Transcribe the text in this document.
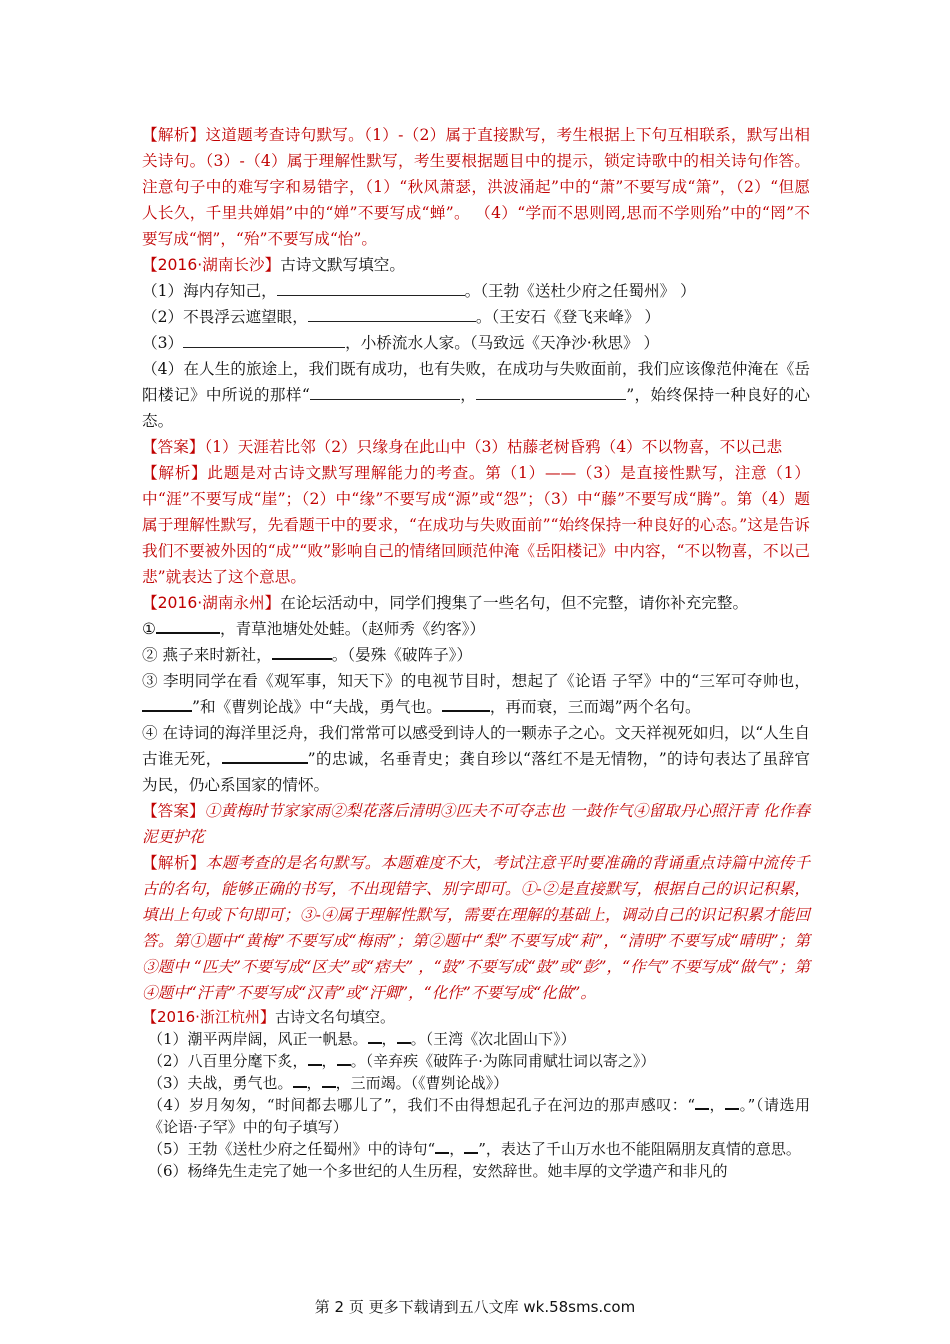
【解析】这道题考查诗句默写。（1）-（2）属于直接默写，考生根据上下句互相联系，默写出相关诗句。（3）-（4）属于理解性默写，考生要根据题目中的提示，锁定诗歌中的相关诗句作答。注意句子中的难写字和易错字，（1）“秋风萧瑟，洪波涌起”中的“萧”不要写成“箫”，（2）“但愿人长久，千里共婵娟”中的“婵”不要写成“蝉”。 （4）“学而不思则罔,思而不学则殆”中的“罔”不要写成“惘”，“殆”不要写成“怡”。

【2016·湖南长沙】古诗文默写填空。

（1）海内存知己，	。（王勃《送杜少府之任蜀州》 ）

（2）不畏浮云遮望眼，	。（王安石《登飞来峰》 ）

（3）	，小桥流水人家。（马致远《天净沙·秋思》 ）

（4）在人生的旅途上，我们既有成功，也有失败，在成功与失败面前，我们应该像范仲淹在《岳阳楼记》中所说的那样“	，	”，始终保持一种良好的心态。

【答案】（1）天涯若比邻（2）只缘身在此山中（3）枯藤老树昏鸦（4）不以物喜，不以己悲

【解析】此题是对古诗文默写理解能力的考查。第（1）——（3）是直接性默写，注意（1）中“涯”不要写成“崖”；（2）中“缘”不要写成“源”或“怨”；（3）中“藤”不要写成“腾”。第（4）题属于理解性默写，先看题干中的要求，“在成功与失败面前”“始终保持一种良好的心态。”这是告诉我们不要被外因的“成”“败”影响自己的情绪回顾范仲淹《岳阳楼记》中内容，“不以物喜，不以己悲”就表达了这个意思。

【2016·湖南永州】在论坛活动中，同学们搜集了一些名句，但不完整，请你补充完整。

①	，青草池塘处处蛙。（赵师秀《约客》）

② 燕子来时新社，	。（晏殊《破阵子》）

③ 李明同学在看《观军事，知天下》的电视节目时，想起了《论语 子罕》中的“三军可夺帅也，”和《曹刿论战》中“夫战，勇气也。	，再而衰，三而竭”两个名句。

④ 在诗词的海洋里泛舟，我们常常可以感受到诗人的一颗赤子之心。文天祥视死如归，以“人生自古谁无死，	”的忠诚，名垂青史；龚自珍以“落红不是无情物，”的诗句表达了虽辞官为民，仍心系国家的情怀。

【答案】①黄梅时节家家雨②梨花落后清明③匹夫不可夺志也 一鼓作气④留取丹心照汗青 化作春泥更护花

【解析】本题考查的是名句默写。本题难度不大，考试注意平时要准确的背诵重点诗篇中流传千古的名句，能够正确的书写，不出现错字、别字即可。①-②是直接默写，根据自己的识记积累，填出上句或下句即可；③-④属于理解性默写，需要在理解的基础上，调动自己的识记积累才能回答。第①题中“黄梅”不要写成“梅雨”；第②题中“梨”不要写成“莉”，“清明”不要写成“晴明”；第③题中 “匹夫”不要写成“区夫”或“痞夫” ，“鼓”不要写成“鼓”或“彭”，“作气”不要写成“做气”；第④题中“汗青”不要写成“汉青”或“汗卿”，“化作”不要写成“化做”。

【2016·浙江杭州】古诗文名句填空。

（1）潮平两岸阔，风正一帆悬。 ， 。（王湾《次北固山下》）

（2）八百里分麾下炙， ， 。（辛弃疾《破阵子·为陈同甫赋壮词以寄之》）

（3）夫战，勇气也。 ， ，三而竭。（《曹刿论战》）

（4）岁月匆匆，“时间都去哪儿了”，我们不由得想起孔子在河边的那声感叹：“ ， 。”（请选用《论语·子罕》中的句子填写）

（5）王勃《送杜少府之任蜀州》中的诗句“ ， ”，表达了千山万水也不能阻隔朋友真情的意思。

（6）杨绛先生走完了她一个多世纪的人生历程，安然辞世。她丰厚的文学遗产和非凡的

第 2 页 更多下载请到五八文库 wk.58sms.com
